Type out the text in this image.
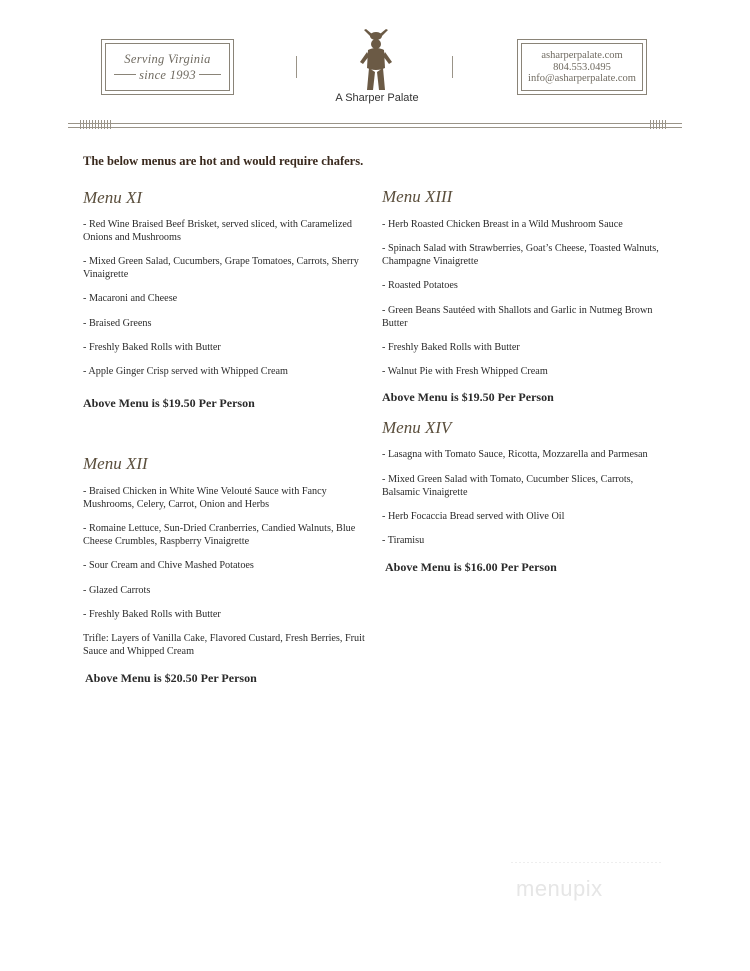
Serving Virginia
since 1993
A Sharper Palate
asharperpalate.com
804.553.0495
info@asharperpalate.com
The below menus are hot and would require chafers.
Menu XI
- Red Wine Braised Beef Brisket, served sliced, with Caramelized Onions and Mushrooms
- Mixed Green Salad, Cucumbers, Grape Tomatoes, Carrots, Sherry Vinaigrette
- Macaroni and Cheese
- Braised Greens
- Freshly Baked Rolls with Butter
- Apple Ginger Crisp served with Whipped Cream
Above Menu is $19.50 Per Person
Menu XII
- Braised Chicken in White Wine Velouté Sauce with Fancy Mushrooms, Celery, Carrot, Onion and Herbs
- Romaine Lettuce, Sun-Dried Cranberries, Candied Walnuts, Blue Cheese Crumbles, Raspberry Vinaigrette
- Sour Cream and Chive Mashed Potatoes
- Glazed Carrots
- Freshly Baked Rolls with Butter
Trifle: Layers of Vanilla Cake, Flavored Custard, Fresh Berries, Fruit Sauce and Whipped Cream
Above Menu is $20.50 Per Person
Menu XIII
- Herb Roasted Chicken Breast in a Wild Mushroom Sauce
- Spinach Salad with Strawberries, Goat’s Cheese, Toasted Walnuts, Champagne Vinaigrette
- Roasted Potatoes
- Green Beans Sautéed with Shallots and Garlic in Nutmeg Brown Butter
- Freshly Baked Rolls with Butter
- Walnut Pie with Fresh Whipped Cream
Above Menu is $19.50 Per Person
Menu XIV
- Lasagna with Tomato Sauce, Ricotta, Mozzarella and Parmesan
- Mixed Green Salad with Tomato, Cucumber Slices, Carrots, Balsamic Vinaigrette
- Herb Focaccia Bread served with Olive Oil
- Tiramisu
Above Menu is $16.00 Per Person
menupix
